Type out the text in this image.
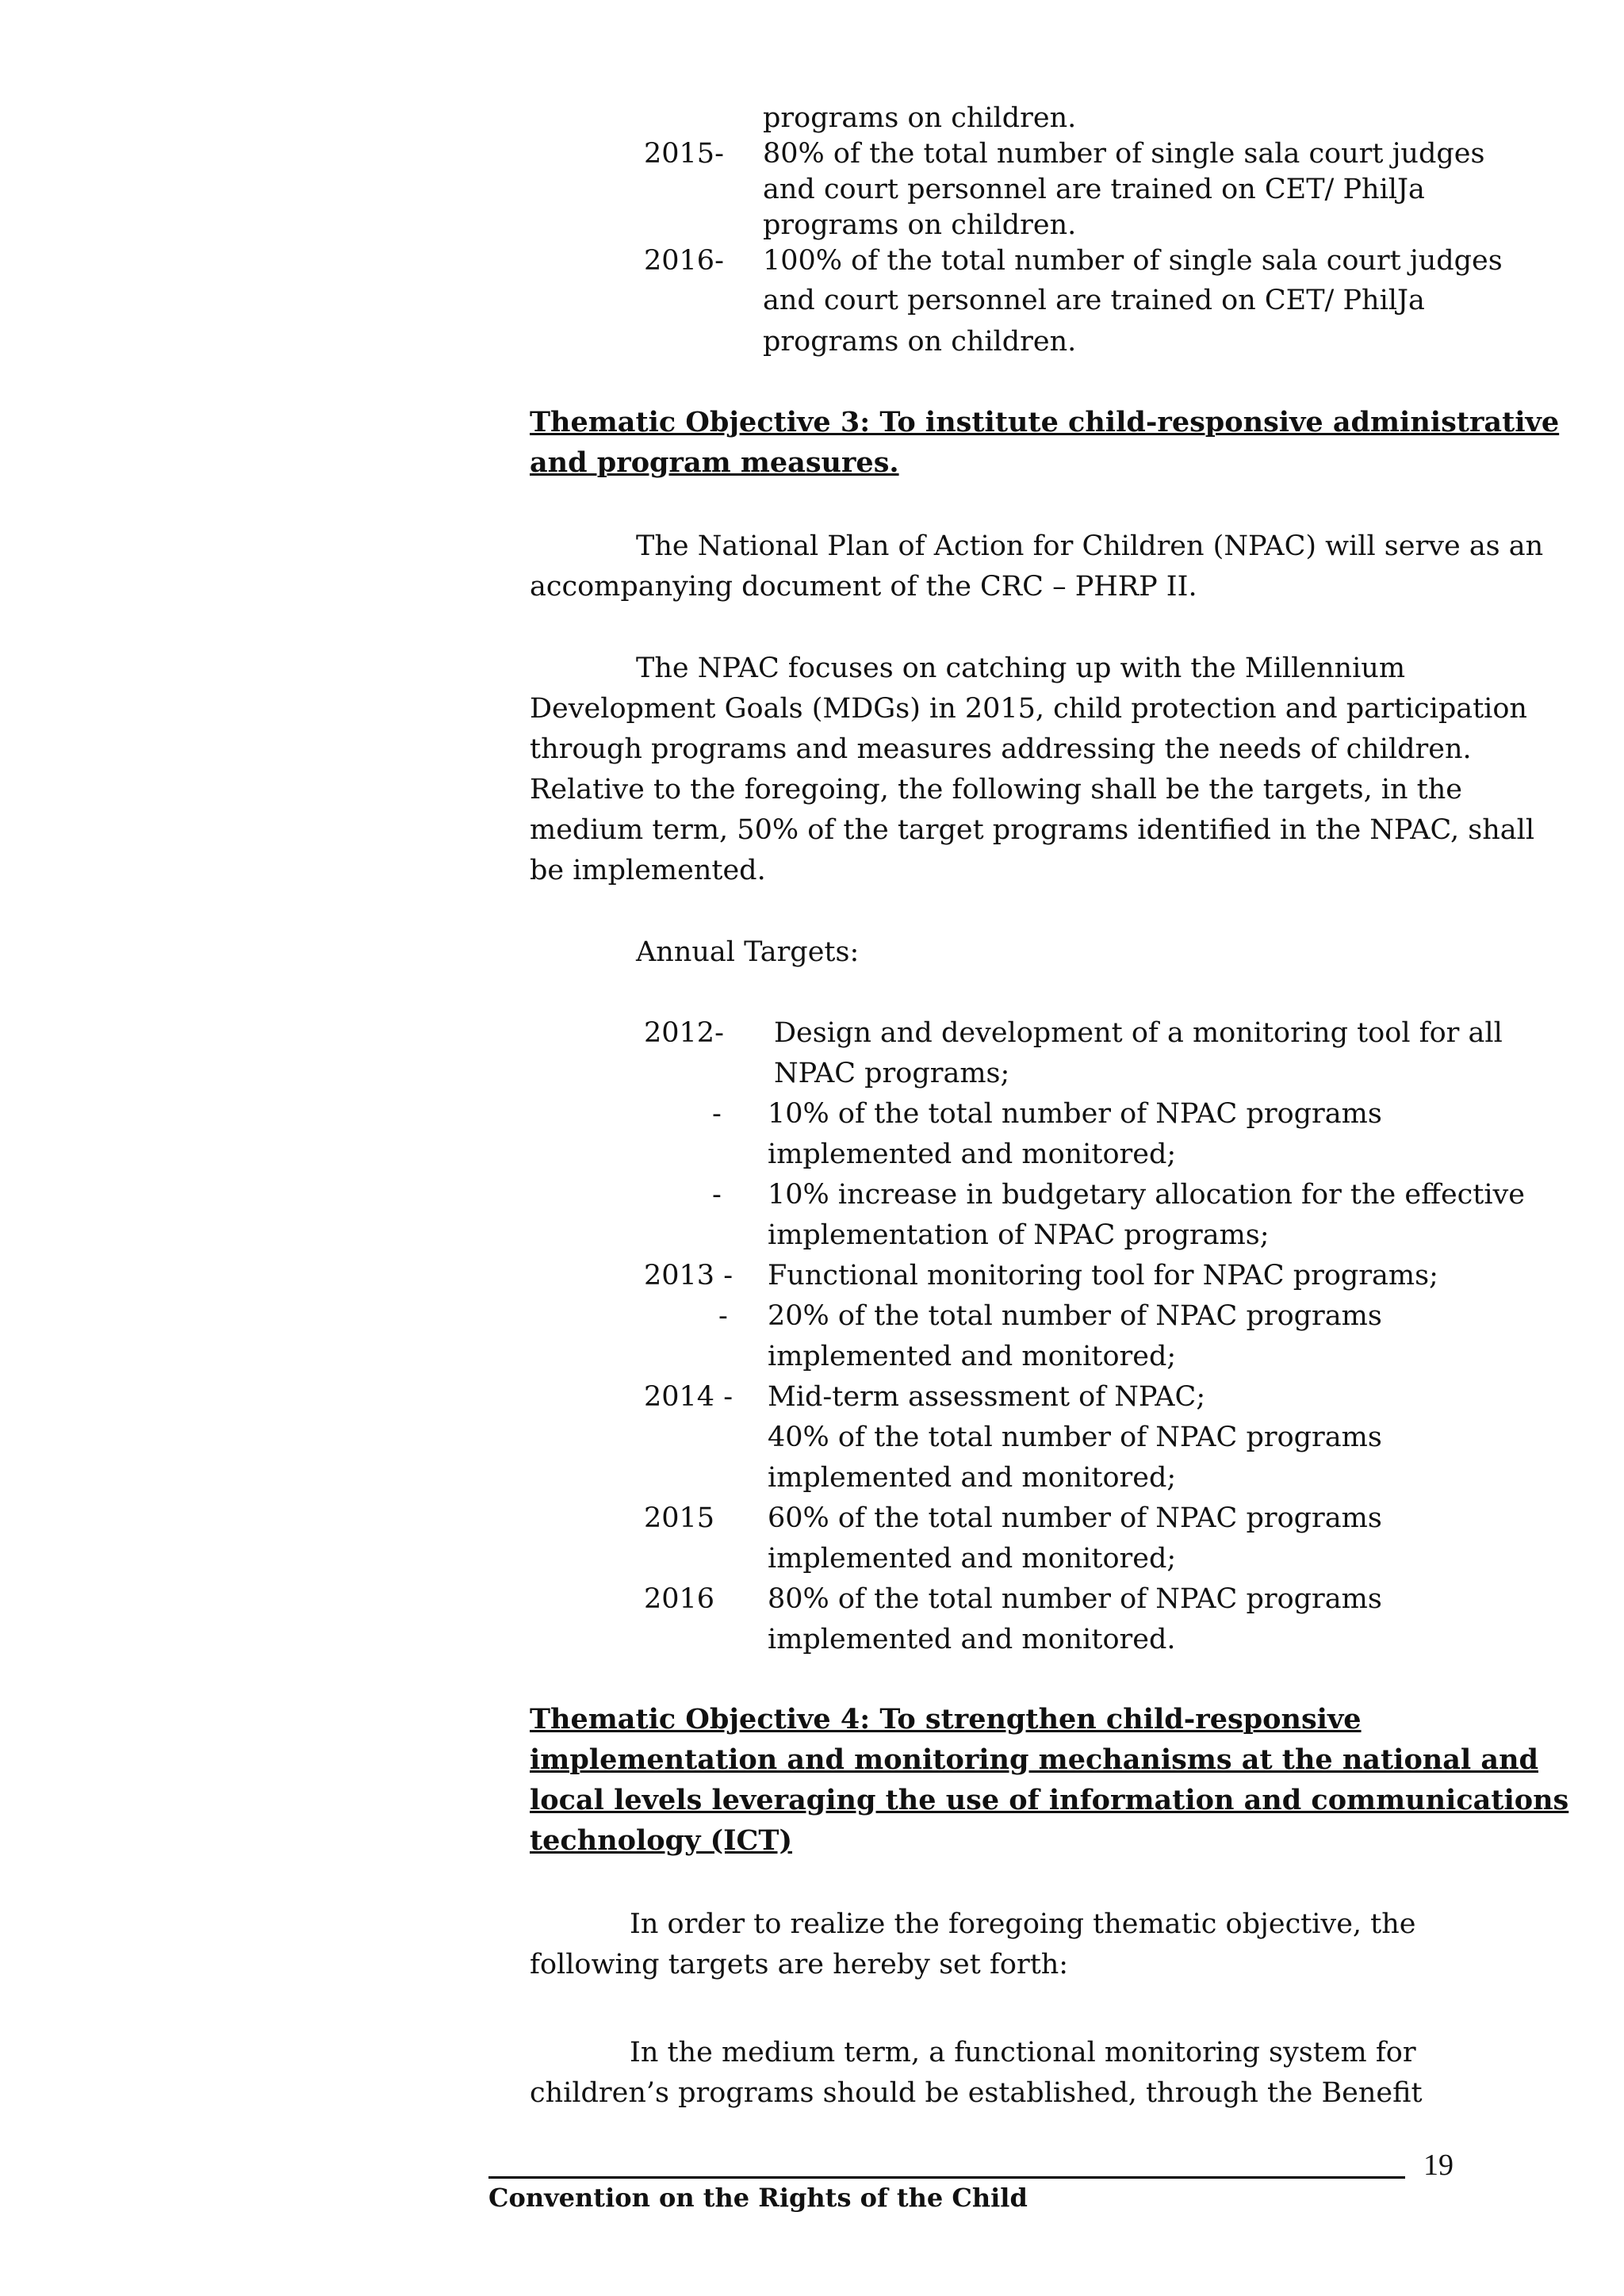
programs on children.
2015- 80% of the total number of single sala court judges
and court personnel are trained on CET/ PhilJa
programs on children.
2016- 100% of the total number of single sala court judges
and court personnel are trained on CET/ PhilJa
programs on children.
Thematic Objective 3: To institute child-responsive administrative
and program measures.
The National Plan of Action for Children (NPAC) will serve as an
accompanying document of the CRC – PHRP II.
The NPAC focuses on catching up with the Millennium
Development Goals (MDGs) in 2015, child protection and participation
through programs and measures addressing the needs of children.
Relative to the foregoing, the following shall be the targets, in the
medium term, 50% of the target programs identified in the NPAC, shall
be implemented.
Annual Targets:
2012- Design and development of a monitoring tool for all
NPAC programs;
- 10% of the total number of NPAC programs
implemented and monitored;
- 10% increase in budgetary allocation for the effective
implementation of NPAC programs;
2013 - Functional monitoring tool for NPAC programs;
- 20% of the total number of NPAC programs
implemented and monitored;
2014 - Mid-term assessment of NPAC;
40% of the total number of NPAC programs
implemented and monitored;
2015 60% of the total number of NPAC programs
implemented and monitored;
2016 80% of the total number of NPAC programs
implemented and monitored.
Thematic Objective 4: To strengthen child-responsive
implementation and monitoring mechanisms at the national and
local levels leveraging the use of information and communications
technology (ICT)
In order to realize the foregoing thematic objective, the
following targets are hereby set forth:
In the medium term, a functional monitoring system for
children’s programs should be established, through the Benefit
19
Convention on the Rights of the Child
